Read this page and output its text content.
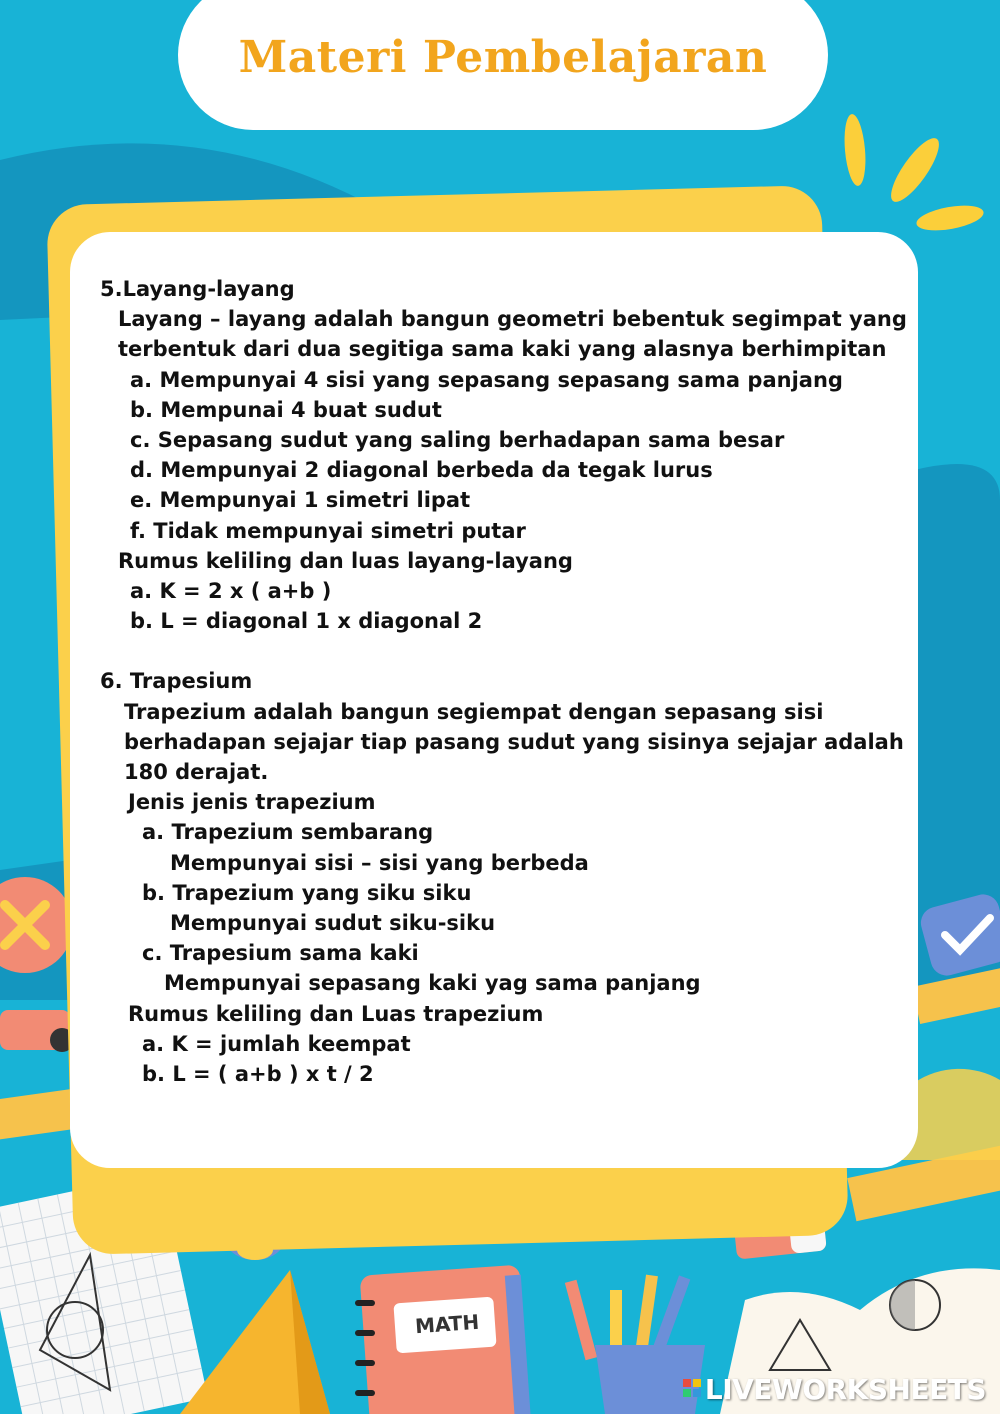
Materi Pembelajaran
5.Layang-layang
Layang – layang adalah bangun geometri bebentuk segimpat yang
terbentuk dari dua segitiga sama kaki yang alasnya berhimpitan
a. Mempunyai 4 sisi yang sepasang sepasang sama panjang
b. Mempunai 4 buat sudut
c. Sepasang sudut yang saling berhadapan sama besar
d. Mempunyai 2 diagonal berbeda da tegak lurus
e. Mempunyai 1 simetri lipat
f. Tidak mempunyai simetri putar
Rumus keliling dan luas layang-layang
a. K = 2 x ( a+b )
b. L = diagonal 1 x diagonal 2
6. Trapesium
Trapezium adalah bangun segiempat dengan sepasang sisi
berhadapan sejajar tiap pasang sudut yang sisinya sejajar adalah
180 derajat.
Jenis jenis trapezium
a. Trapezium sembarang
Mempunyai sisi – sisi yang berbeda
b. Trapezium yang siku siku
Mempunyai sudut siku-siku
c. Trapesium sama kaki
Mempunyai sepasang kaki yag sama panjang
Rumus keliling dan Luas trapezium
a. K = jumlah keempat
b. L = ( a+b ) x t / 2
MATH
LIVEWORKSHEETS
